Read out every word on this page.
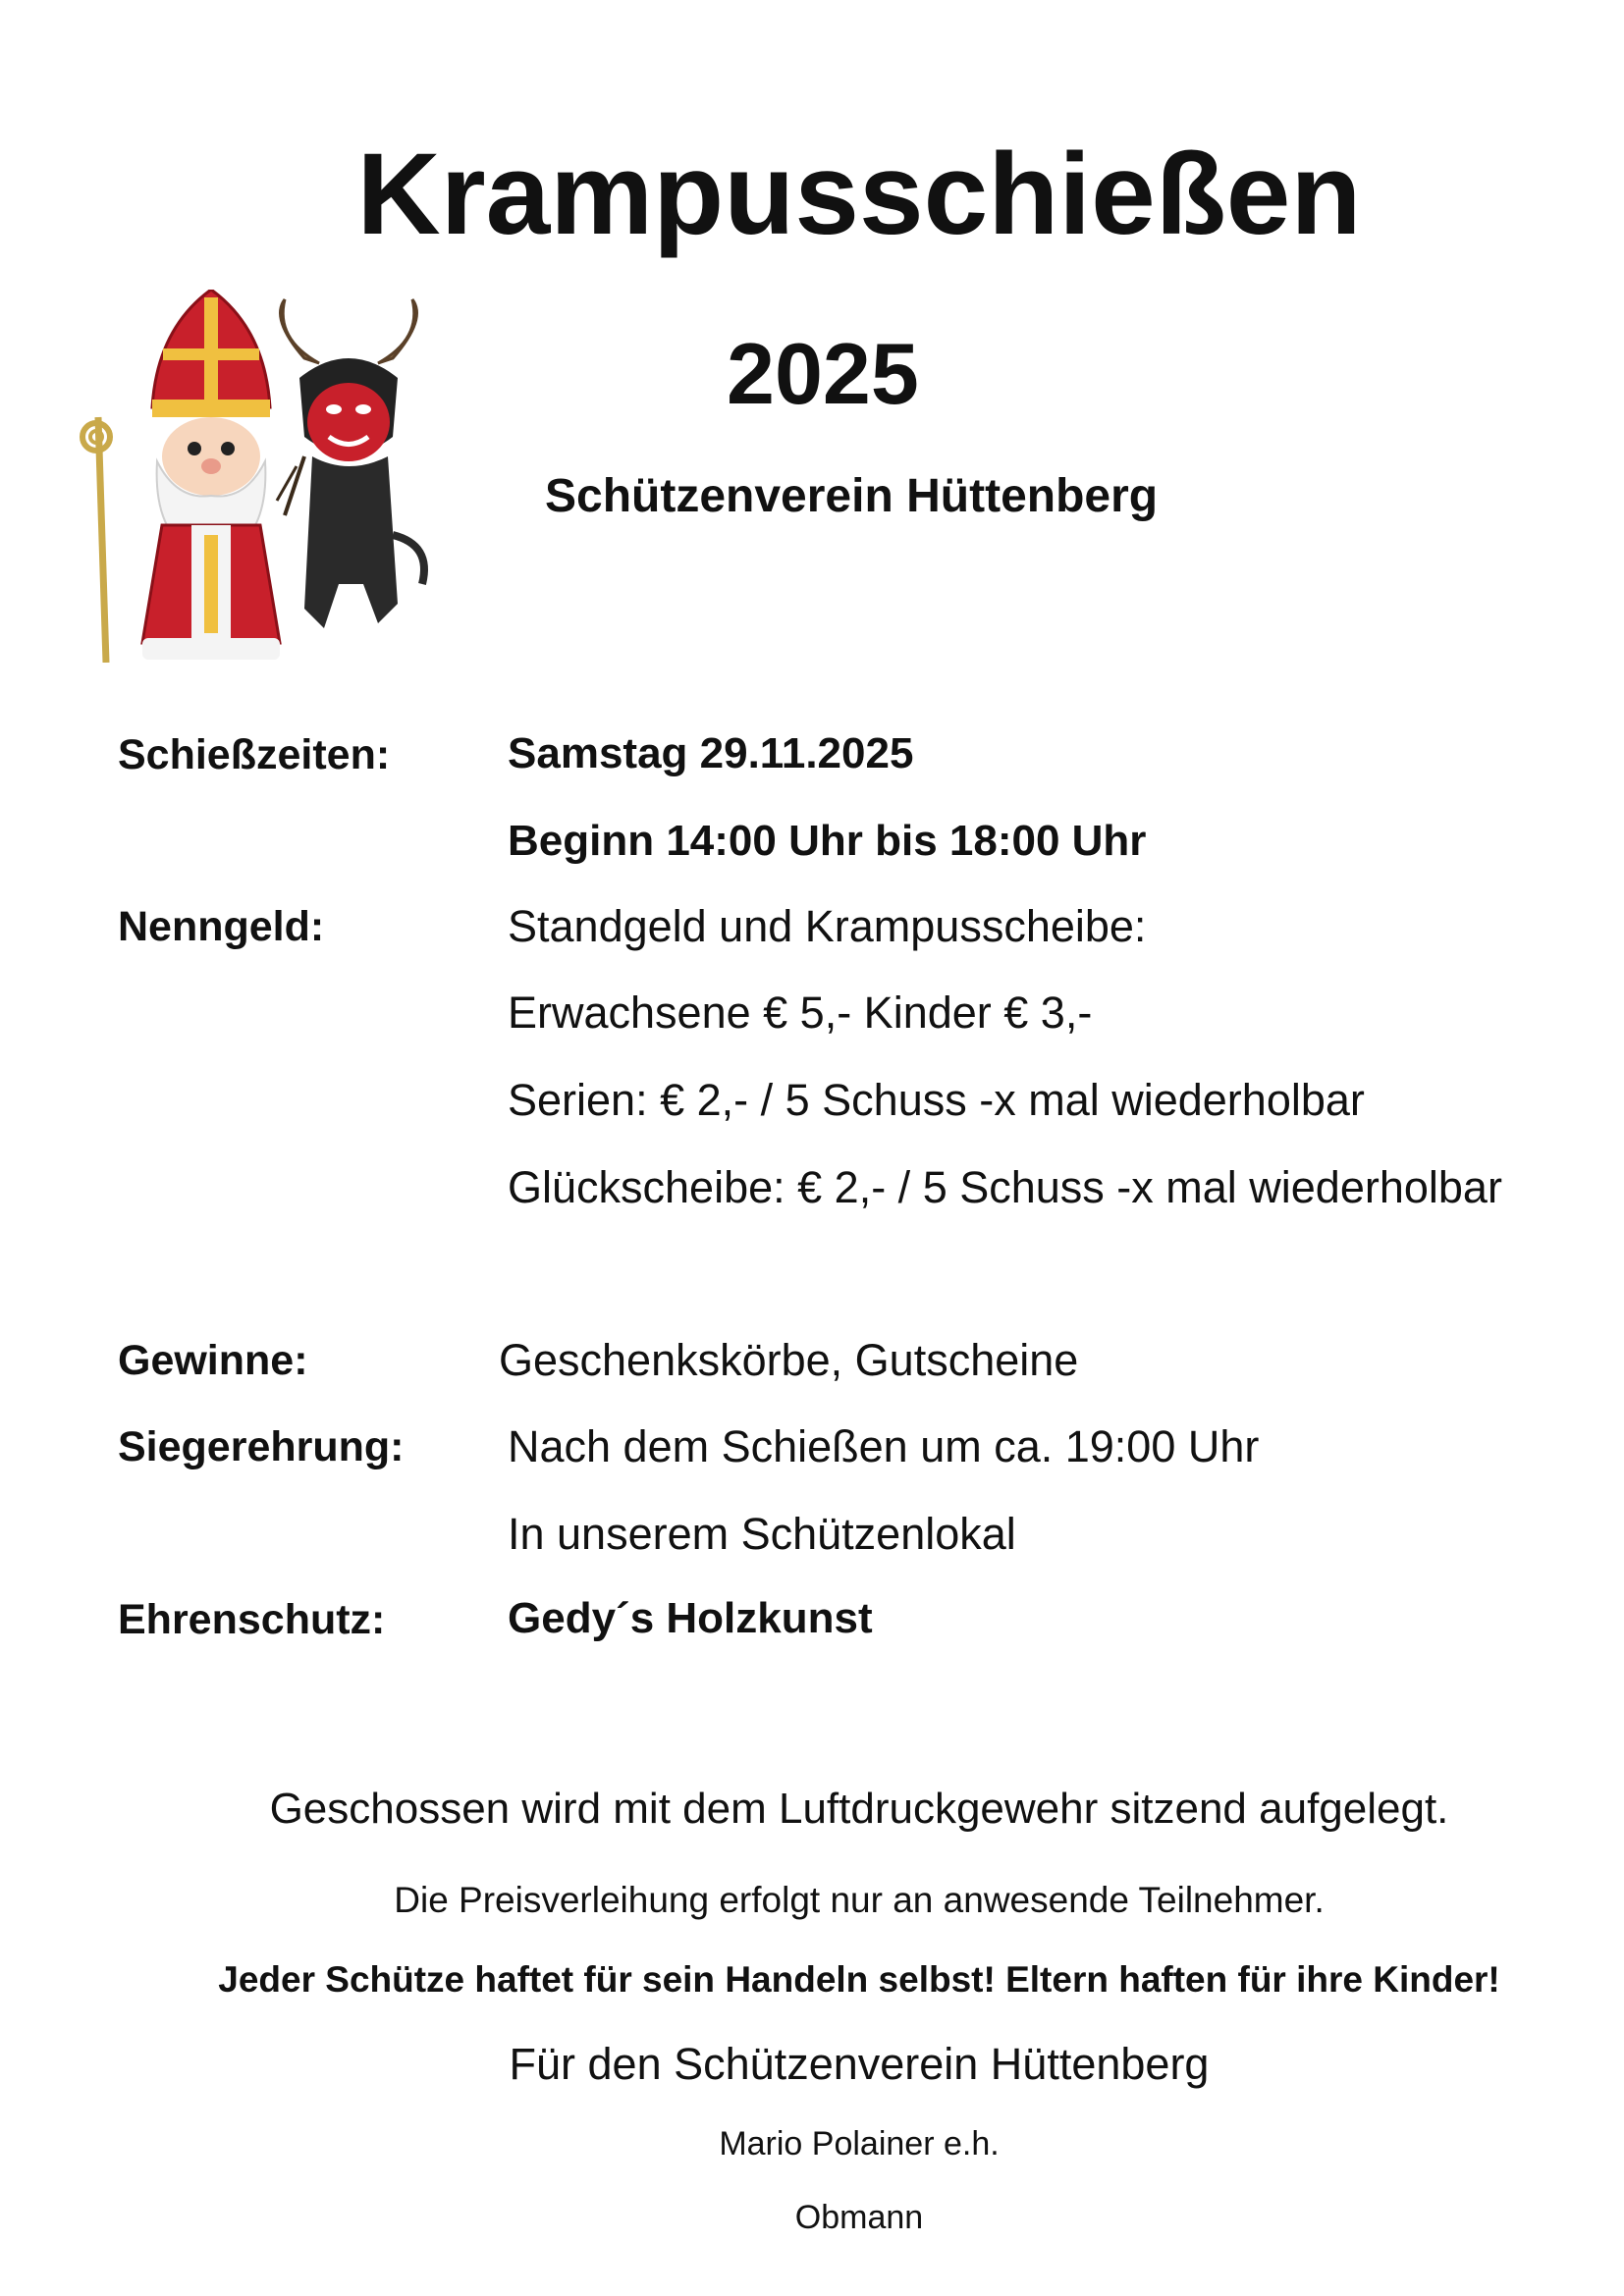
Krampusschießen
2025
Schützenverein Hüttenberg
Schießzeiten:	Samstag 29.11.2025
Beginn 14:00 Uhr bis 18:00 Uhr
Nenngeld:	Standgeld und Krampusscheibe:
Erwachsene € 5,- Kinder € 3,-
Serien: € 2,- / 5 Schuss -x mal wiederholbar
Glückscheibe: € 2,- / 5 Schuss -x mal wiederholbar
Gewinne:	Geschenkskörbe, Gutscheine
Siegerehrung: Nach dem Schießen um ca. 19:00 Uhr
In unserem Schützenlokal
Ehrenschutz:	Gedy´s Holzkunst
Geschossen wird mit dem Luftdruckgewehr sitzend aufgelegt.
Die Preisverleihung erfolgt nur an anwesende Teilnehmer.
Jeder Schütze haftet für sein Handeln selbst! Eltern haften für ihre Kinder!
Für den Schützenverein Hüttenberg
Mario Polainer e.h.
Obmann
